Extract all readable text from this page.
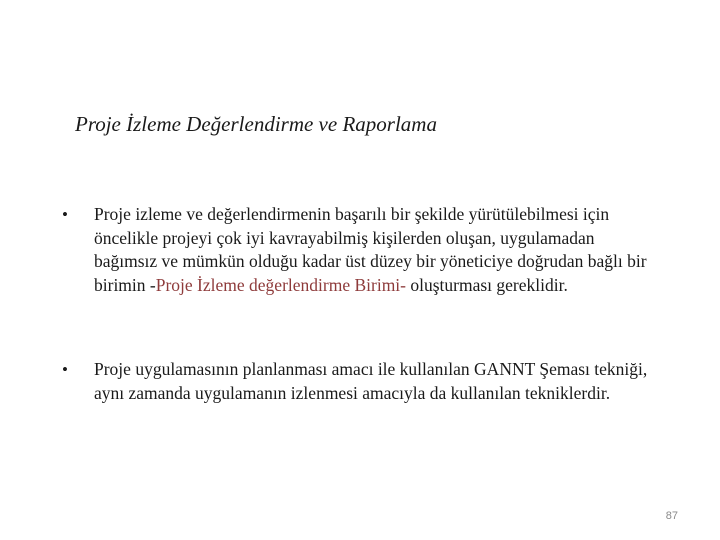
Proje İzleme Değerlendirme ve Raporlama
• Proje izleme ve değerlendirmenin başarılı bir şekilde yürütülebilmesi için öncelikle projeyi çok iyi kavrayabilmiş kişilerden oluşan, uygulamadan bağımsız ve mümkün olduğu kadar üst düzey bir yöneticiye doğrudan bağlı bir birimin -Proje İzleme değerlendirme Birimi- oluşturması gereklidir.
• Proje uygulamasının planlanması amacı ile kullanılan GANNT Şeması tekniği, aynı zamanda uygulamanın izlenmesi amacıyla da kullanılan tekniklerdir.
87
